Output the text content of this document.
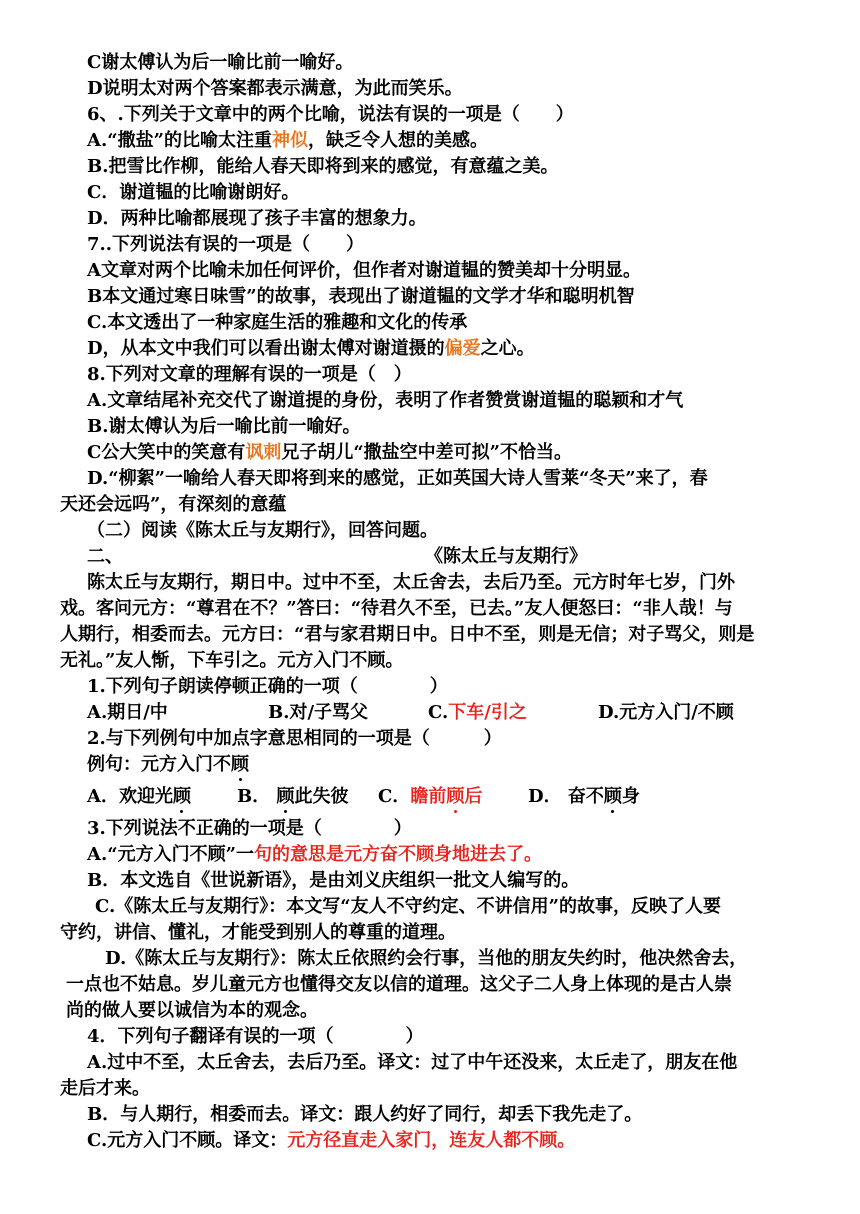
C谢太傅认为后一喻比前一喻好。
D说明太对两个答案都表示满意，为此而笑乐。
6、.下列关于文章中的两个比喻，说法有误的一项是（　　）
A.“撒盐”的比喻太注重神似，缺乏令人想的美感。
B.把雪比作柳，能给人春天即将到来的感觉，有意蕴之美。
C．谢道韫的比喻谢朗好。
D．两种比喻都展现了孩子丰富的想象力。
7..下列说法有误的一项是（　　）
A文章对两个比喻未加任何评价，但作者对谢道韫的赞美却十分明显。
B本文通过寒日味雪”的故事，表现出了谢道韫的文学才华和聪明机智
C.本文透出了一种家庭生活的雅趣和文化的传承
D，从本文中我们可以看出谢太傅对谢道摄的偏爱之心。
8.下列对文章的理解有误的一项是（　）
A.文章结尾补充交代了谢道提的身份，表明了作者赞赏谢道韫的聪颖和才气
B.谢太傅认为后一喻比前一喻好。
C公大笑中的笑意有讽刺兄子胡儿“撒盐空中差可拟”不恰当。
D.“柳絮”一喻给人春天即将到来的感觉，正如英国大诗人雪莱“冬天”来了，春
天还会远吗”，有深刻的意蕴
（二）阅读《陈太丘与友期行》，回答问题。
二、	《陈太丘与友期行》
陈太丘与友期行，期日中。过中不至，太丘舍去，去后乃至。元方时年七岁，门外
戏。客问元方：“尊君在不？”答曰：“待君久不至，已去。”友人便怒曰：“非人哉！与
人期行，相委而去。元方曰：“君与家君期日中。日中不至，则是无信；对子骂父，则是
无礼。”友人惭，下车引之。元方入门不顾。
1.下列句子朗读停顿正确的一项（　　　　）
A.期日/中	B.对/子骂父	C.下车/引之	D.元方入门/不顾
2.与下列例句中加点字意思相同的一项是（　　　）
例句：元方入门不顾
A．欢迎光顾	B． 顾此失彼 C．瞻前顾后	D． 奋不顾身
3.下列说法不正确的一项是（　　　　）
A.“元方入门不顾”一句的意思是元方奋不顾身地进去了。
B．本文选自《世说新语》，是由刘义庆组织一批文人编写的。
C.《陈太丘与友期行》：本文写“友人不守约定、不讲信用”的故事，反映了人要
守约，讲信、懂礼，才能受到别人的尊重的道理。
D.《陈太丘与友期行》：陈太丘依照约会行事，当他的朋友失约时，他决然舍去，
一点也不姑息。岁儿童元方也懂得交友以信的道理。这父子二人身上体现的是古人崇
尚的做人要以诚信为本的观念。
4．下列句子翻译有误的一项（　　　　）
A.过中不至，太丘舍去，去后乃至。译文：过了中午还没来，太丘走了，朋友在他
走后才来。
B．与人期行，相委而去。译文：跟人约好了同行，却丢下我先走了。
C.元方入门不顾。译文：元方径直走入家门，连友人都不顾。
